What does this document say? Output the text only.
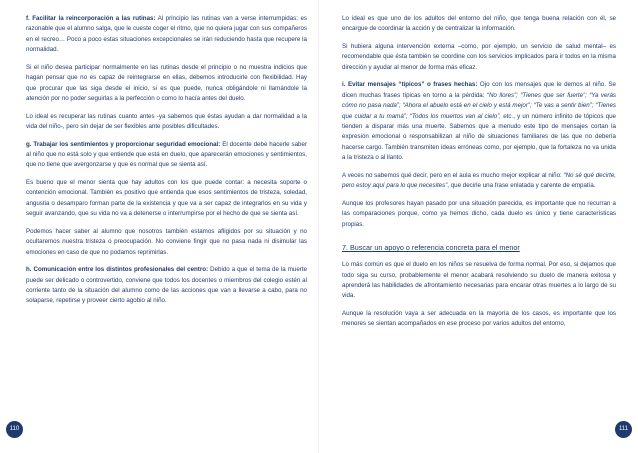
f. Facilitar la reincorporación a las rutinas: Al principio las rutinas van a verse interrumpidas: es razonable que el alumno salga, que le cueste coger el ritmo, que no quiera jugar con sus compañeros en el recreo… Poco a poco estas situaciones excepcionales se irán reduciendo hasta que recupere la normalidad.

Si el niño desea participar normalmente en las rutinas desde el principio o no muestra indicios que hagan pensar que no es capaz de reintegrarse en ellas, debemos introducirle con flexibilidad. Hay que procurar que las siga desde el inicio, si es que puede, nunca obligándole ni llamándole la atención por no poder seguirlas a la perfección o como lo hacía antes del duelo.

Lo ideal es recuperar las rutinas cuanto antes -ya sabemos que éstas ayudan a dar normalidad a la vida del niño-, pero sin dejar de ser flexibles ante posibles dificultades.

g. Trabajar los sentimientos y proporcionar seguridad emocional: El docente debe hacerle saber al niño que no está solo y que entiende que está en duelo, que aparecerán emociones y sentimientos, que no tiene que avergonzarse y que es normal que se sienta así.

Es bueno que el menor sienta que hay adultos con los que puede contar: a necesita soporte o contención emocional. También es positivo que entienda que esos sentimientos de tristeza, soledad, angustia o desamparo forman parte de la existencia y que va a ser capaz de integrarlos en su vida y seguir avanzando, que su vida no va a detenerse o interrumpirse por el hecho de que se sienta así.

Podemos hacer saber al alumno que nosotros también estamos afligidos por su situación y no ocultaremos nuestra tristeza o preocupación. No conviene fingir que no pasa nada ni disimular las emociones en caso de que no podamos reprimirlas.

h. Comunicación entre los distintos profesionales del centro: Debido a que el tema de la muerte puede ser delicado o controvertido, conviene que todos los docentes o miembros del colegio estén al corriente tanto de la situación del alumno como de las acciones que van a llevarse a cabo, para no solaparse, repetirse y proveer cierto agobio al niño.

110

Lo ideal es que uno de los adultos del entorno del niño, que tenga buena relación con él, se encargue de coordinar la acción y de centralizar la información.

Si hubiera alguna intervención externa –como, por ejemplo, un servicio de salud mental– es recomendable que ésta también se coordine con los servicios implicados para ir todos en la misma dirección y ayudar al menor de forma más eficaz.

i. Evitar mensajes “típicos” o frases hechas: Ojo con los mensajes que le demos al niño. Se dicen muchas frases típicas en torno a la pérdida: “No llores”; “Tienes que ser fuerte”; “Ya verás cómo no pasa nada”; “Ahora el abuelo está en el cielo y está mejor”; “Te vas a sentir bien”; “Tienes que cuidar a tu mamá”; “Todos los muertos van al cielo”, etc., y un número infinito de tópicos que tienden a disparar más una muerte. Sabemos que a menudo este tipo de mensajes cortan la expresión emocional o responsabilizan al niño de situaciones familiares de las que no debería hacerse cargo. También transmiten ideas erróneas como, por ejemplo, que la fortaleza no va unida a la tristeza o al llanto.

A veces no sabemos qué decir, pero en el aula es mucho mejor explicar al niño: “No sé qué decirte, pero estoy aquí para lo que necesites”, que decirle una frase enlatada y carente de empatía.

Aunque los profesores hayan pasado por una situación parecida, es importante que no recurran a las comparaciones porque, como ya hemos dicho, cada duelo es único y tiene características propias.

7. Buscar un apoyo o referencia concreta para el menor

Lo más común es que el duelo en los niños se resuelva de forma normal. Por eso, si dejamos que todo siga su curso, probablemente el menor acabará resolviendo su duelo de manera exitosa y aprenderá las habilidades de afrontamiento necesarias para encarar otras muertes a lo largo de su vida.

Aunque la resolución vaya a ser adecuada en la mayoría de los casos, es importante que los menores se sientan acompañados en ese proceso por varios adultos del entorno,

111
